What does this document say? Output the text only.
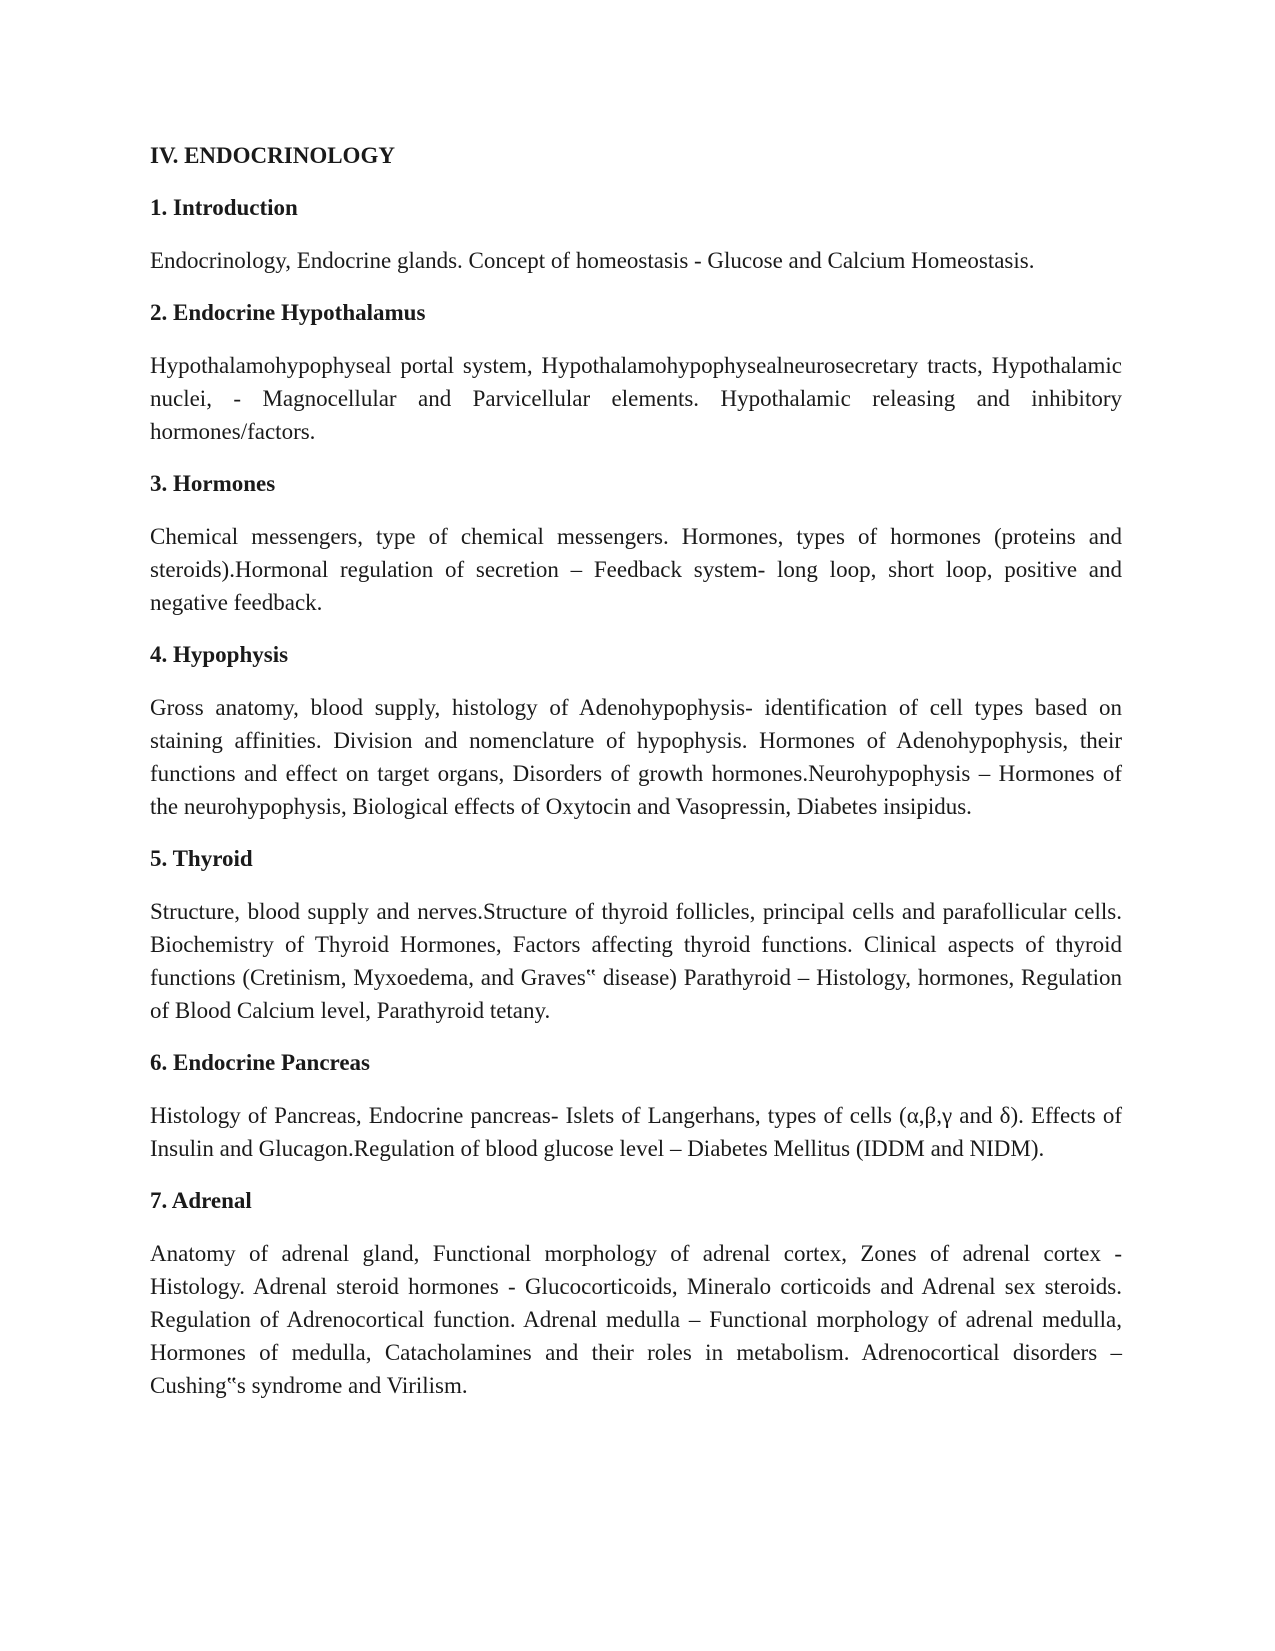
IV. ENDOCRINOLOGY
1. Introduction
Endocrinology, Endocrine glands. Concept of homeostasis - Glucose and Calcium Homeostasis.
2. Endocrine Hypothalamus
Hypothalamohypophyseal portal system, Hypothalamohypophysealneurosecretary tracts, Hypothalamic nuclei, - Magnocellular and Parvicellular elements. Hypothalamic releasing and inhibitory hormones/factors.
3. Hormones
Chemical messengers, type of chemical messengers. Hormones, types of hormones (proteins and steroids).Hormonal regulation of secretion – Feedback system- long loop, short loop, positive and negative feedback.
4. Hypophysis
Gross anatomy, blood supply, histology of Adenohypophysis- identification of cell types based on staining affinities. Division and nomenclature of hypophysis. Hormones of Adenohypophysis, their functions and effect on target organs, Disorders of growth hormones.Neurohypophysis – Hormones of the neurohypophysis, Biological effects of Oxytocin and Vasopressin, Diabetes insipidus.
5. Thyroid
Structure, blood supply and nerves.Structure of thyroid follicles, principal cells and parafollicular cells. Biochemistry of Thyroid Hormones, Factors affecting thyroid functions. Clinical aspects of thyroid functions (Cretinism, Myxoedema, and Graves‟ disease) Parathyroid – Histology, hormones, Regulation of Blood Calcium level, Parathyroid tetany.
6. Endocrine Pancreas
Histology of Pancreas, Endocrine pancreas- Islets of Langerhans, types of cells (α,β,γ and δ). Effects of Insulin and Glucagon.Regulation of blood glucose level – Diabetes Mellitus (IDDM and NIDM).
7. Adrenal
Anatomy of adrenal gland, Functional morphology of adrenal cortex, Zones of adrenal cortex - Histology. Adrenal steroid hormones - Glucocorticoids, Mineralo corticoids and Adrenal sex steroids. Regulation of Adrenocortical function. Adrenal medulla – Functional morphology of adrenal medulla, Hormones of medulla, Catacholamines and their roles in metabolism. Adrenocortical disorders – Cushing‟s syndrome and Virilism.
